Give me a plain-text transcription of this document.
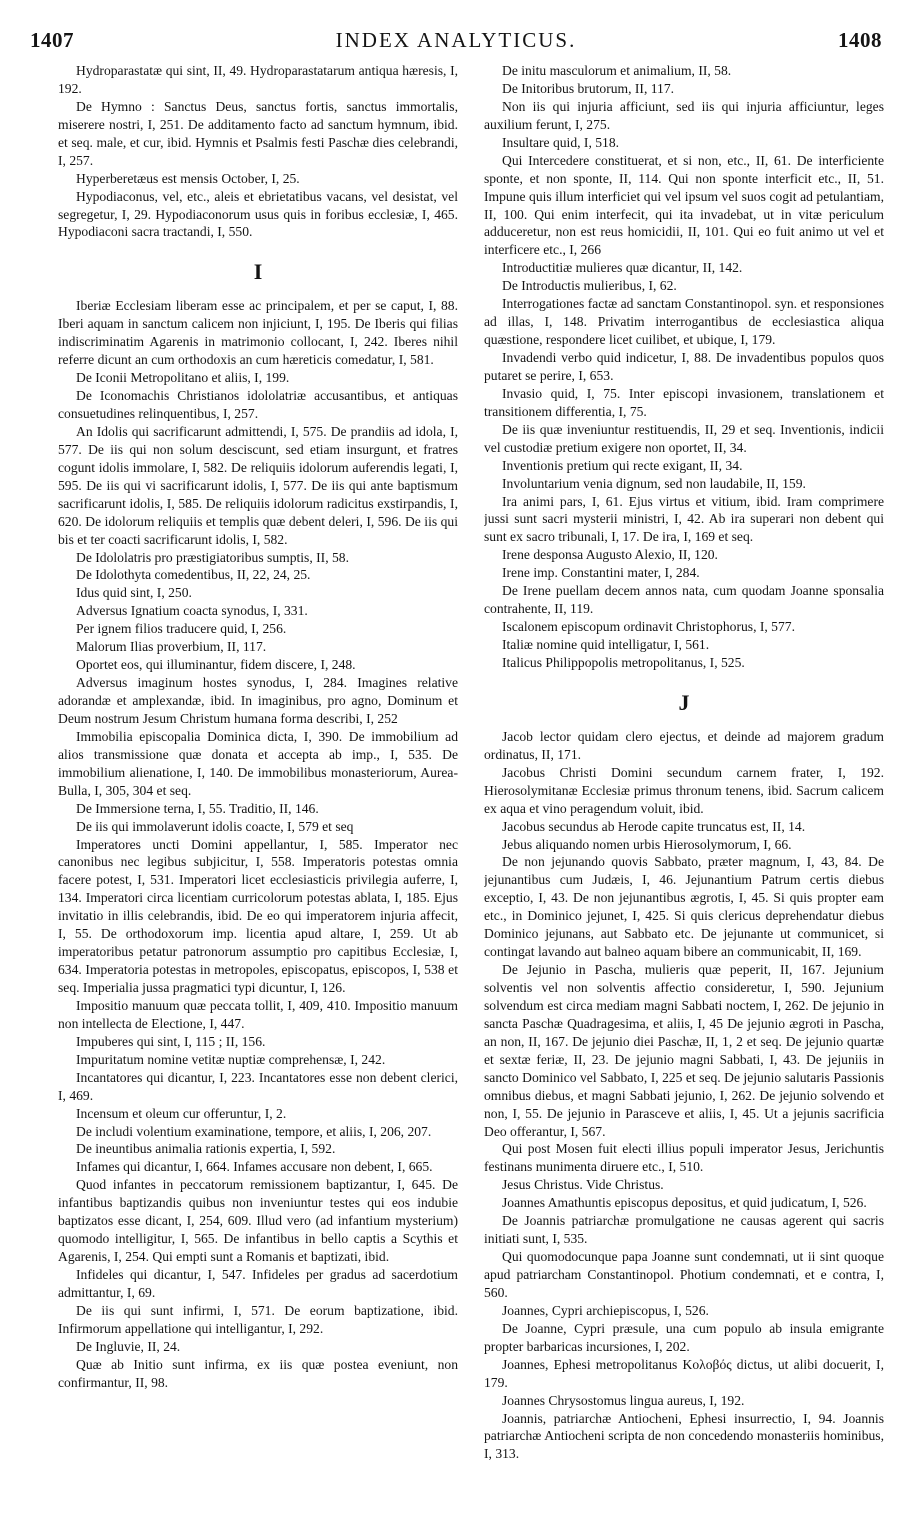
1407	INDEX ANALYTICUS.	1408

Hydroparastatæ qui sint, II, 49. Hydroparastatarum antiqua hæresis, I, 192.

De Hymno : Sanctus Deus, sanctus fortis, sanctus immortalis, miserere nostri, I, 251. De additamento facto ad sanctum hymnum, ibid. et seq. male, et cur, ibid. Hymnis et Psalmis festi Paschæ dies celebrandi, I, 257.

Hyperberetæus est mensis October, I, 25.

Hypodiaconus, vel, etc., aleis et ebrietatibus vacans, vel desistat, vel segregetur, I, 29. Hypodiaconorum usus quis in foribus ecclesiæ, I, 465. Hypodiaconi sacra tractandi, I, 550.

I

Iberiæ Ecclesiam liberam esse ac principalem, et per se caput, I, 88. Iberi aquam in sanctum calicem non injiciunt, I, 195. De Iberis qui filias indiscriminatim Agarenis in matrimonio collocant, I, 242. Iberes nihil referre dicunt an cum orthodoxis an cum hæreticis comedatur, I, 581.

De Iconii Metropolitano et aliis, I, 199.

De Iconomachis Christianos idololatriæ accusantibus, et antiquas consuetudines relinquentibus, I, 257.

An Idolis qui sacrificarunt admittendi, I, 575. De prandiis ad idola, I, 577. De iis qui non solum desciscunt, sed etiam insurgunt, et fratres cogunt idolis immolare, I, 582. De reliquiis idolorum auferendis legati, I, 595. De iis qui vi sacrificarunt idolis, I, 577. De iis qui ante baptismum sacrificarunt idolis, I, 585. De reliquiis idolorum radicitus exstirpandis, I, 620. De idolorum reliquiis et templis quæ debent deleri, I, 596. De iis qui bis et ter coacti sacrificarunt idolis, I, 582.

De Idololatris pro præstigiatoribus sumptis, II, 58.

De Idolothyta comedentibus, II, 22, 24, 25.

Idus quid sint, I, 250.

Adversus Ignatium coacta synodus, I, 331.

Per ignem filios traducere quid, I, 256.

Malorum Ilias proverbium, II, 117.

Oportet eos, qui illuminantur, fidem discere, I, 248.

Adversus imaginum hostes synodus, I, 284. Imagines relative adorandæ et amplexandæ, ibid. In imaginibus, pro agno, Dominum et Deum nostrum Jesum Christum humana forma describi, I, 252

Immobilia episcopalia Dominica dicta, I, 390. De immobilium ad alios transmissione quæ donata et accepta ab imp., I, 535. De immobilium alienatione, I, 140. De immobilibus monasteriorum, Aurea-Bulla, I, 305, 304 et seq.

De Immersione terna, I, 55. Traditio, II, 146.

De iis qui immolaverunt idolis coacte, I, 579 et seq

Imperatores uncti Domini appellantur, I, 585. Imperator nec canonibus nec legibus subjicitur, I, 558. Imperatoris potestas omnia facere potest, I, 531. Imperatori licet ecclesiasticis privilegia auferre, I, 134. Imperatori circa licentiam curricolorum potestas ablata, I, 185. Ejus invitatio in illis celebrandis, ibid. De eo qui imperatorem injuria affecit, I, 55. De orthodoxorum imp. licentia apud altare, I, 259. Ut ab imperatoribus petatur patronorum assumptio pro capitibus Ecclesiæ, I, 634. Imperatoria potestas in metropoles, episcopatus, episcopos, I, 538 et seq. Imperialia jussa pragmatici typi dicuntur, I, 126.

Impositio manuum quæ peccata tollit, I, 409, 410. Impositio manuum non intellecta de Electione, I, 447.

Impuberes qui sint, I, 115 ; II, 156.

Impuritatum nomine vetitæ nuptiæ comprehensæ, I, 242.

Incantatores qui dicantur, I, 223. Incantatores esse non debent clerici, I, 469.

Incensum et oleum cur offeruntur, I, 2.

De includi volentium examinatione, tempore, et aliis, I, 206, 207.

De ineuntibus animalia rationis expertia, I, 592.

Infames qui dicantur, I, 664. Infames accusare non debent, I, 665.

Quod infantes in peccatorum remissionem baptizantur, I, 645. De infantibus baptizandis quibus non inveniuntur testes qui eos indubie baptizatos esse dicant, I, 254, 609. Illud vero (ad infantium mysterium) quomodo intelligitur, I, 565. De infantibus in bello captis a Scythis et Agarenis, I, 254. Qui empti sunt a Romanis et baptizati, ibid.

Infideles qui dicantur, I, 547. Infideles per gradus ad sacerdotium admittantur, I, 69.

De iis qui sunt infirmi, I, 571. De eorum baptizatione, ibid. Infirmorum appellatione qui intelligantur, I, 292.

De Ingluvie, II, 24.

Quæ ab Initio sunt infirma, ex iis quæ postea eveniunt, non confirmantur, II, 98.

De initu masculorum et animalium, II, 58.

De Initoribus brutorum, II, 117.

Non iis qui injuria afficiunt, sed iis qui injuria afficiuntur, leges auxilium ferunt, I, 275.

Insultare quid, I, 518.

Qui Intercedere constituerat, et si non, etc., II, 61. De interficiente sponte, et non sponte, II, 114. Qui non sponte interficit etc., II, 51. Impune quis illum interficiet qui vel ipsum vel suos cogit ad petulantiam, II, 100. Qui enim interfecit, qui ita invadebat, ut in vitæ periculum adduceretur, non est reus homicidii, II, 101. Qui eo fuit animo ut vel et interficere etc., I, 266

Introductitiæ mulieres quæ dicantur, II, 142.

De Introductis mulieribus, I, 62.

Interrogationes factæ ad sanctam Constantinopol. syn. et responsiones ad illas, I, 148. Privatim interrogantibus de ecclesiastica aliqua quæstione, respondere licet cuilibet, et ubique, I, 179.

Invadendi verbo quid indicetur, I, 88. De invadentibus populos quos putaret se perire, I, 653.

Invasio quid, I, 75. Inter episcopi invasionem, translationem et transitionem differentia, I, 75.

De iis quæ inveniuntur restituendis, II, 29 et seq. Inventionis, indicii vel custodiæ pretium exigere non oportet, II, 34.

Inventionis pretium qui recte exigant, II, 34.

Involuntarium venia dignum, sed non laudabile, II, 159.

Ira animi pars, I, 61. Ejus virtus et vitium, ibid. Iram comprimere jussi sunt sacri mysterii ministri, I, 42. Ab ira superari non debent qui sunt ex sacro tribunali, I, 17. De ira, I, 169 et seq.

Irene desponsa Augusto Alexio, II, 120.

Irene imp. Constantini mater, I, 284.

De Irene puellam decem annos nata, cum quodam Joanne sponsalia contrahente, II, 119.

Iscalonem episcopum ordinavit Christophorus, I, 577.

Italiæ nomine quid intelligatur, I, 561.

Italicus Philippopolis metropolitanus, I, 525.

J

Jacob lector quidam clero ejectus, et deinde ad majorem gradum ordinatus, II, 171.

Jacobus Christi Domini secundum carnem frater, I, 192. Hierosolymitanæ Ecclesiæ primus thronum tenens, ibid. Sacrum calicem ex aqua et vino peragendum voluit, ibid.

Jacobus secundus ab Herode capite truncatus est, II, 14.

Jebus aliquando nomen urbis Hierosolymorum, I, 66.

De non jejunando quovis Sabbato, præter magnum, I, 43, 84. De jejunantibus cum Judæis, I, 46. Jejunantium Patrum certis diebus exceptio, I, 43. De non jejunantibus ægrotis, I, 45. Si quis propter eam etc., in Dominico jejunet, I, 425. Si quis clericus deprehendatur diebus Dominico jejunans, aut Sabbato etc. De jejunante ut communicet, si contingat lavando aut balneo aquam bibere an communicabit, II, 169.

De Jejunio in Pascha, mulieris quæ peperit, II, 167. Jejunium solventis vel non solventis affectio consideretur, I, 590. Jejunium solvendum est circa mediam magni Sabbati noctem, I, 262. De jejunio in sancta Paschæ Quadragesima, et aliis, I, 45 De jejunio ægroti in Pascha, an non, II, 167. De jejunio diei Paschæ, II, 1, 2 et seq. De jejunio quartæ et sextæ feriæ, II, 23. De jejunio magni Sabbati, I, 43. De jejuniis in sancto Dominico vel Sabbato, I, 225 et seq. De jejunio salutaris Passionis omnibus diebus, et magni Sabbati jejunio, I, 262. De jejunio solvendo et non, I, 55. De jejunio in Parasceve et aliis, I, 45. Ut a jejunis sacrificia Deo offerantur, I, 567.

Qui post Mosen fuit electi illius populi imperator Jesus, Jerichuntis festinans munimenta diruere etc., I, 510.

Jesus Christus. Vide Christus.

Joannes Amathuntis episcopus depositus, et quid judicatum, I, 526.

De Joannis patriarchæ promulgatione ne causas agerent qui sacris initiati sunt, I, 535.

Qui quomodocunque papa Joanne sunt condemnati, ut ii sint quoque apud patriarcham Constantinopol. Photium condemnati, et e contra, I, 560.

Joannes, Cypri archiepiscopus, I, 526.

De Joanne, Cypri præsule, una cum populo ab insula emigrante propter barbaricas incursiones, I, 202.

Joannes, Ephesi metropolitanus Κολοβός dictus, ut alibi docuerit, I, 179.

Joannes Chrysostomus lingua aureus, I, 192.

Joannis, patriarchæ Antiocheni, Ephesi insurrectio, I, 94. Joannis patriarchæ Antiocheni scripta de non concedendo monasteriis hominibus, I, 313.
